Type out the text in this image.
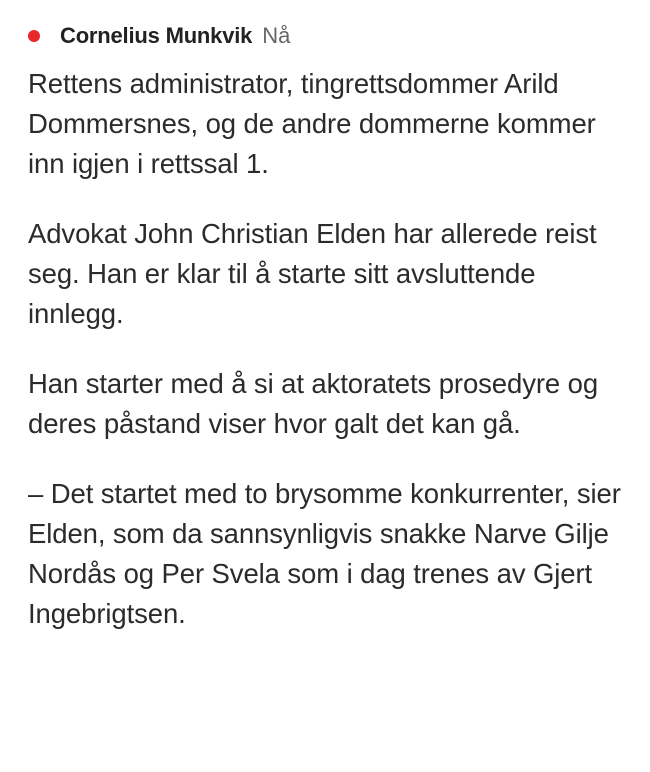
Cornelius Munkvik Nå

Rettens administrator, tingrettsdommer Arild Dommersnes, og de andre dommerne kommer inn igjen i rettssal 1.

Advokat John Christian Elden har allerede reist seg. Han er klar til å starte sitt avsluttende innlegg.

Han starter med å si at aktoratets prosedyre og deres påstand viser hvor galt det kan gå.

– Det startet med to brysomme konkurrenter, sier Elden, som da sannsynligvis snakke Narve Gilje Nordås og Per Svela som i dag trenes av Gjert Ingebrigtsen.
